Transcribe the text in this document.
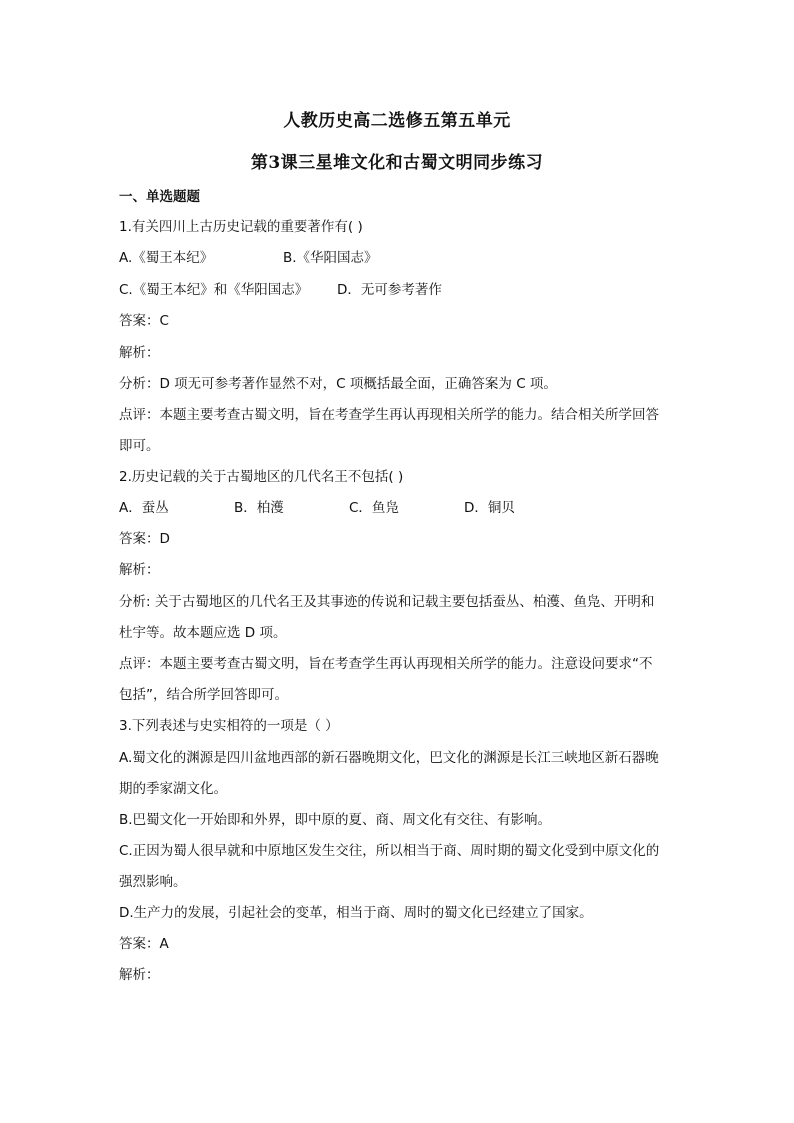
人教历史高二选修五第五单元
第3课三星堆文化和古蜀文明同步练习
一、单选题题
1.有关四川上古历史记载的重要著作有( )
A.《蜀王本纪》	B.《华阳国志》
C.《蜀王本纪》和《华阳国志》 D．无可参考著作
答案：C
解析：
分析：D 项无可参考著作显然不对，C 项概括最全面，正确答案为 C 项。
点评：本题主要考查古蜀文明，旨在考查学生再认再现相关所学的能力。结合相关所学回答
即可。
2.历史记载的关于古蜀地区的几代名王不包括( )
A．蚕丛	B．柏濩	C．鱼凫	D．铜贝
答案：D
解析：
分析: 关于古蜀地区的几代名王及其事迹的传说和记载主要包括蚕丛、柏濩、鱼凫、开明和
杜宇等。故本题应选 D 项。
点评：本题主要考查古蜀文明，旨在考查学生再认再现相关所学的能力。注意设问要求“不
包括”，结合所学回答即可。
3.下列表述与史实相符的一项是（ ）
A.蜀文化的渊源是四川盆地西部的新石器晚期文化，巴文化的渊源是长江三峡地区新石器晚
期的季家湖文化。
B.巴蜀文化一开始即和外界，即中原的夏、商、周文化有交往、有影响。
C.正因为蜀人很早就和中原地区发生交往，所以相当于商、周时期的蜀文化受到中原文化的
强烈影响。
D.生产力的发展，引起社会的变革，相当于商、周时的蜀文化已经建立了国家。
答案：A
解析：
